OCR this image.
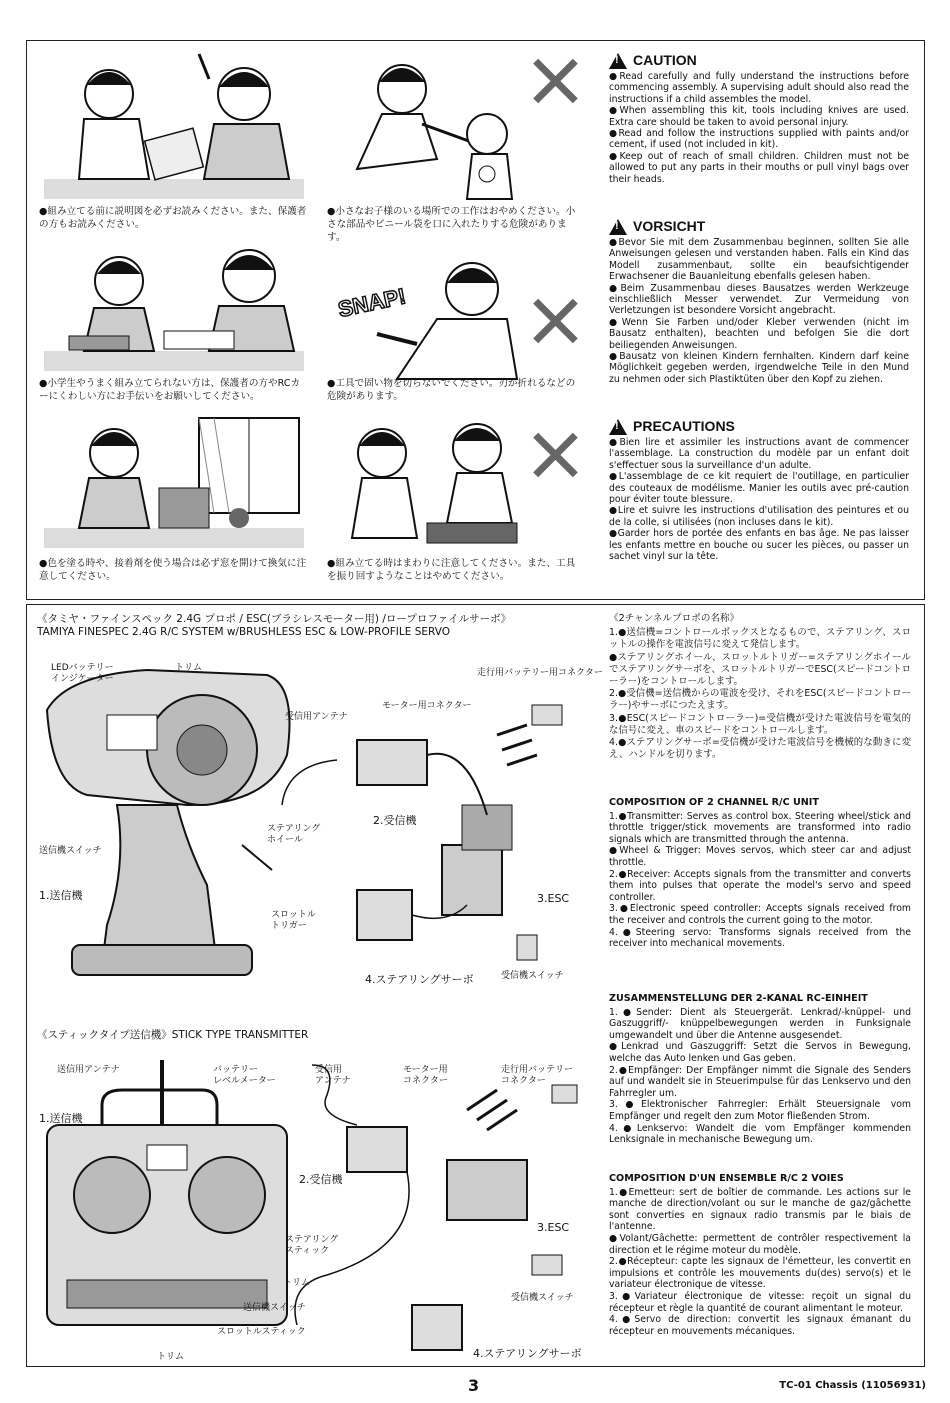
●組み立てる前に説明図を必ずお読みください。また、保護者の方もお読みください。
●小学生やうまく組み立てられない方は、保護者の方やRCカーにくわしい方にお手伝いをお願いしてください。
●色を塗る時や、接着剤を使う場合は必ず窓を開けて換気に注意してください。
●小さなお子様のいる場所での工作はおやめください。小さな部品やビニール袋を口に入れたりする危険があります。
SNAP!
●工具で固い物を切らないでください。刃が折れるなどの危険があります。
●組み立てる時はまわりに注意してください。また、工具を振り回すようなことはやめてください。
!
CAUTION

●Read carefully and fully understand the instructions before commencing assembly. A supervising adult should also read the instructions if a child assembles the model.

●When assembling this kit, tools including knives are used. Extra care should be taken to avoid personal injury.

●Read and follow the instructions supplied with paints and/or cement, if used (not included in kit).

●Keep out of reach of small children. Children must not be allowed to put any parts in their mouths or pull vinyl bags over their heads.

!
VORSICHT

●Bevor Sie mit dem Zusammenbau beginnen, sollten Sie alle Anweisungen gelesen und verstanden haben. Falls ein Kind das Modell zusammenbaut, sollte ein beaufsichtigender Erwachsener die Bauanleitung ebenfalls gelesen haben.

●Beim Zusammenbau dieses Bausatzes werden Werkzeuge einschließlich Messer verwendet. Zur Vermeidung von Verletzungen ist besondere Vorsicht angebracht.

●Wenn Sie Farben und/oder Kleber verwenden (nicht im Bausatz enthalten), beachten und befolgen Sie die dort beiliegenden Anweisungen.

●Bausatz von kleinen Kindern fernhalten. Kindern darf keine Möglichkeit gegeben werden, irgendwelche Teile in den Mund zu nehmen oder sich Plastiktüten über den Kopf zu ziehen.

!
PRECAUTIONS

●Bien lire et assimiler les instructions avant de commencer l'assemblage. La construction du modèle par un enfant doit s'effectuer sous la surveillance d'un adulte.

●L'assemblage de ce kit requiert de l'outillage, en particulier des couteaux de modélisme. Manier les outils avec pré-caution pour éviter toute blessure.

●Lire et suivre les instructions d'utilisation des peintures et ou de la colle, si utilisées (non incluses dans le kit).

●Garder hors de portée des enfants en bas âge. Ne pas laisser les enfants mettre en bouche ou sucer les pièces, ou passer un sachet vinyl sur la tête.

《タミヤ・ファインスペック 2.4G プロポ / ESC(ブラシレスモーター用) /ロープロファイルサーボ》
TAMIYA FINESPEC 2.4G R/C SYSTEM w/BRUSHLESS ESC & LOW-PROFILE SERVO
LEDバッテリー
インジケーター
トリム
受信用アンテナ
モーター用コネクター
走行用バッテリー用コネクター
ステアリング
ホイール
送信機スイッチ
1.送信機
2.受信機
3.ESC
スロットル
トリガー
4.ステアリングサーボ	受信機スイッチ
《スティックタイプ送信機》STICK TYPE TRANSMITTER
送信用アンテナ	バッテリー
レベルメーター
受信用
アンテナ
モーター用
コネクター
走行用バッテリー
コネクター
1.送信機
2.受信機
3.ESC
ステアリング
スティック
トリム
受信機スイッチ
送信機スイッチ
スロットルスティック
4.ステアリングサーボ
トリム
《2チャンネルプロポの名称》

1.●送信機=コントロールボックスとなるもので、ステアリング、スロットルの操作を電波信号に変えて発信します。

●ステアリングホイール、スロットルトリガー=ステアリングホイールでステアリングサーボを、スロットルトリガーでESC(スピードコントローラー)をコントロールします。

2.●受信機=送信機からの電波を受け、それをESC(スピードコントローラー)やサーボにつたえます。

3.●ESC(スピードコントローラー)=受信機が受けた電波信号を電気的な信号に変え、車のスピードをコントロールします。

4.●ステアリングサーボ=受信機が受けた電波信号を機械的な動きに変え、ハンドルを切ります。

COMPOSITION OF 2 CHANNEL R/C UNIT

1.●Transmitter: Serves as control box. Steering wheel/stick and throttle trigger/stick movements are transformed into radio signals which are transmitted through the antenna.

●Wheel & Trigger: Moves servos, which steer car and adjust throttle.

2.●Receiver: Accepts signals from the transmitter and converts them into pulses that operate the model's servo and speed controller.

3.●Electronic speed controller: Accepts signals received from the receiver and controls the current going to the motor.

4.●Steering servo: Transforms signals received from the receiver into mechanical movements.

ZUSAMMENSTELLUNG DER 2-KANAL RC-EINHEIT

1.●Sender: Dient als Steuergerät. Lenkrad/-knüppel- und Gaszuggriff/- knüppelbewegungen werden in Funksignale umgewandelt und über die Antenne ausgesendet.

●Lenkrad und Gaszuggriff: Setzt die Servos in Bewegung, welche das Auto lenken und Gas geben.

2.●Empfänger: Der Empfänger nimmt die Signale des Senders auf und wandelt sie in Steuerimpulse für das Lenkservo und den Fahrregler um.

3.●Elektronischer Fahrregler: Erhält Steuersignale vom Empfänger und regelt den zum Motor fließenden Strom.

4.●Lenkservo: Wandelt die vom Empfänger kommenden Lenksignale in mechanische Bewegung um.

COMPOSITION D'UN ENSEMBLE R/C 2 VOIES

1.●Emetteur: sert de boîtier de commande. Les actions sur le manche de direction/volant ou sur le manche de gaz/gâchette sont converties en signaux radio transmis par le biais de l'antenne.

●Volant/Gâchette: permettent de contrôler respectivement la direction et le régime moteur du modèle.

2.●Récepteur: capte les signaux de l'émetteur, les convertit en impulsions et contrôle les mouvements du(des) servo(s) et le variateur électronique de vitesse.

3.●Variateur électronique de vitesse: reçoit un signal du récepteur et règle la quantité de courant alimentant le moteur.

4.●Servo de direction: convertit les signaux émanant du récepteur en mouvements mécaniques.

3	TC-01 Chassis (11056931)
